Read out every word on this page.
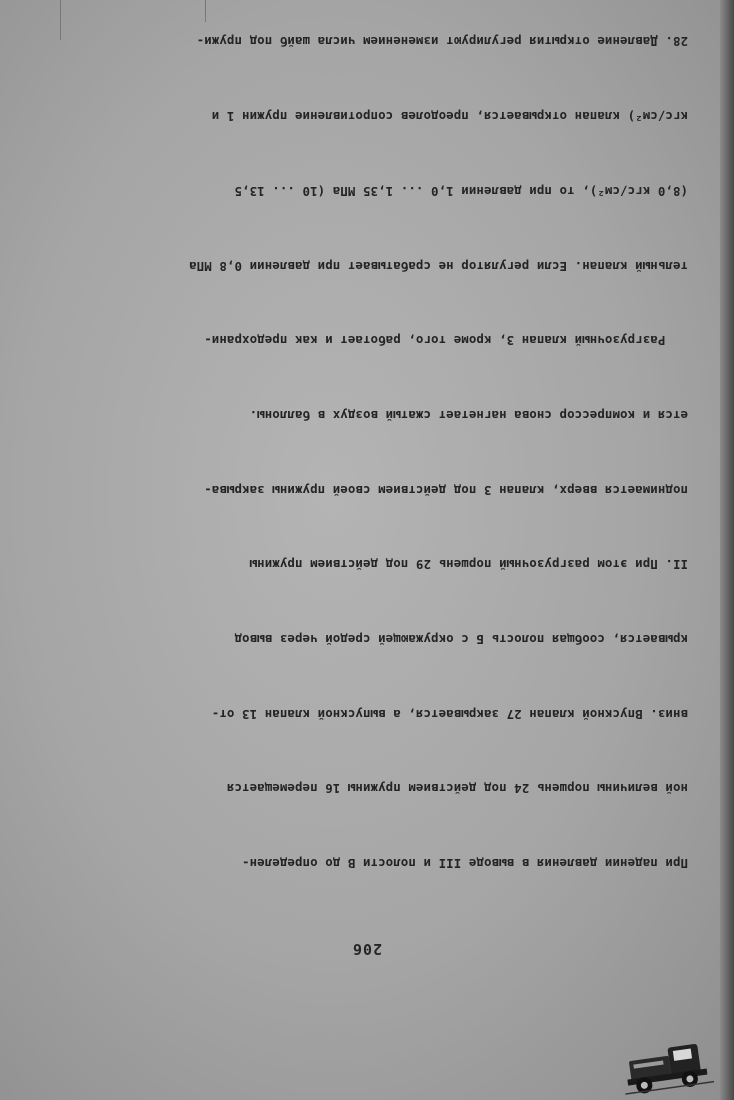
206

При падении давления в выводе III и полости В до определен-

ной величины поршень 24 под действием пружины 16 перемещается

вниз. Впускной клапан 27 закрывается, а выпускной клапан 13 от-

крывается, сообщая полость Б с окружающей средой через вывод

II. При этом разгрузочный поршень 29 под действием пружины

поднимается вверх, клапан 3 под действием своей пружины закрыва-

ется и компрессор снова нагнетает сжатый воздух в баллоны.

Разгрузочный клапан 3, кроме того, работает и как предохрани-

тельный клапан. Если регулятор не срабатывает при давлении 0,8 МПа

(8,0 кгс/см²), то при давлении 1,0 ... 1,35 МПа (10 ... 13,5

кгс/см²) клапан открывается, преодолев сопротивление пружин 1 и

28. Давление открытия регулируют изменением числа шайб под пружи-
